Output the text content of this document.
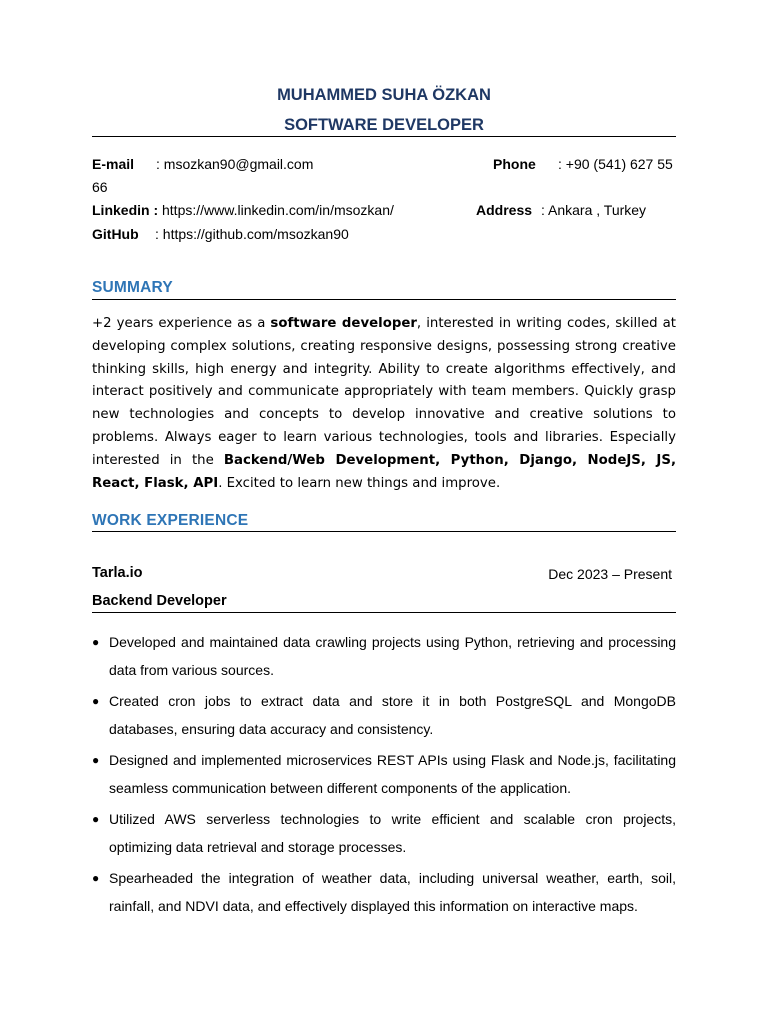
MUHAMMED SUHA ÖZKAN
SOFTWARE DEVELOPER
E-mail : msozkan90@gmail.com	Phone : +90 (541) 627 55
66
Linkedin : https://www.linkedin.com/in/msozkan/	Address : Ankara , Turkey
GitHub : https://github.com/msozkan90
SUMMARY
+2 years experience as a software developer, interested in writing codes, skilled at developing complex solutions, creating responsive designs, possessing strong creative thinking skills, high energy and integrity. Ability to create algorithms effectively, and interact positively and communicate appropriately with team members. Quickly grasp new technologies and concepts to develop innovative and creative solutions to problems. Always eager to learn various technologies, tools and libraries. Especially interested in the Backend/Web Development, Python, Django, NodeJS, JS, React, Flask, API. Excited to learn new things and improve.
WORK EXPERIENCE
Tarla.io	Dec 2023 – Present
Backend Developer
● Developed and maintained data crawling projects using Python, retrieving and processing data from various sources.
● Created cron jobs to extract data and store it in both PostgreSQL and MongoDB databases, ensuring data accuracy and consistency.
● Designed and implemented microservices REST APIs using Flask and Node.js, facilitating seamless communication between different components of the application.
● Utilized AWS serverless technologies to write efficient and scalable cron projects, optimizing data retrieval and storage processes.
● Spearheaded the integration of weather data, including universal weather, earth, soil, rainfall, and NDVI data, and effectively displayed this information on interactive maps.
